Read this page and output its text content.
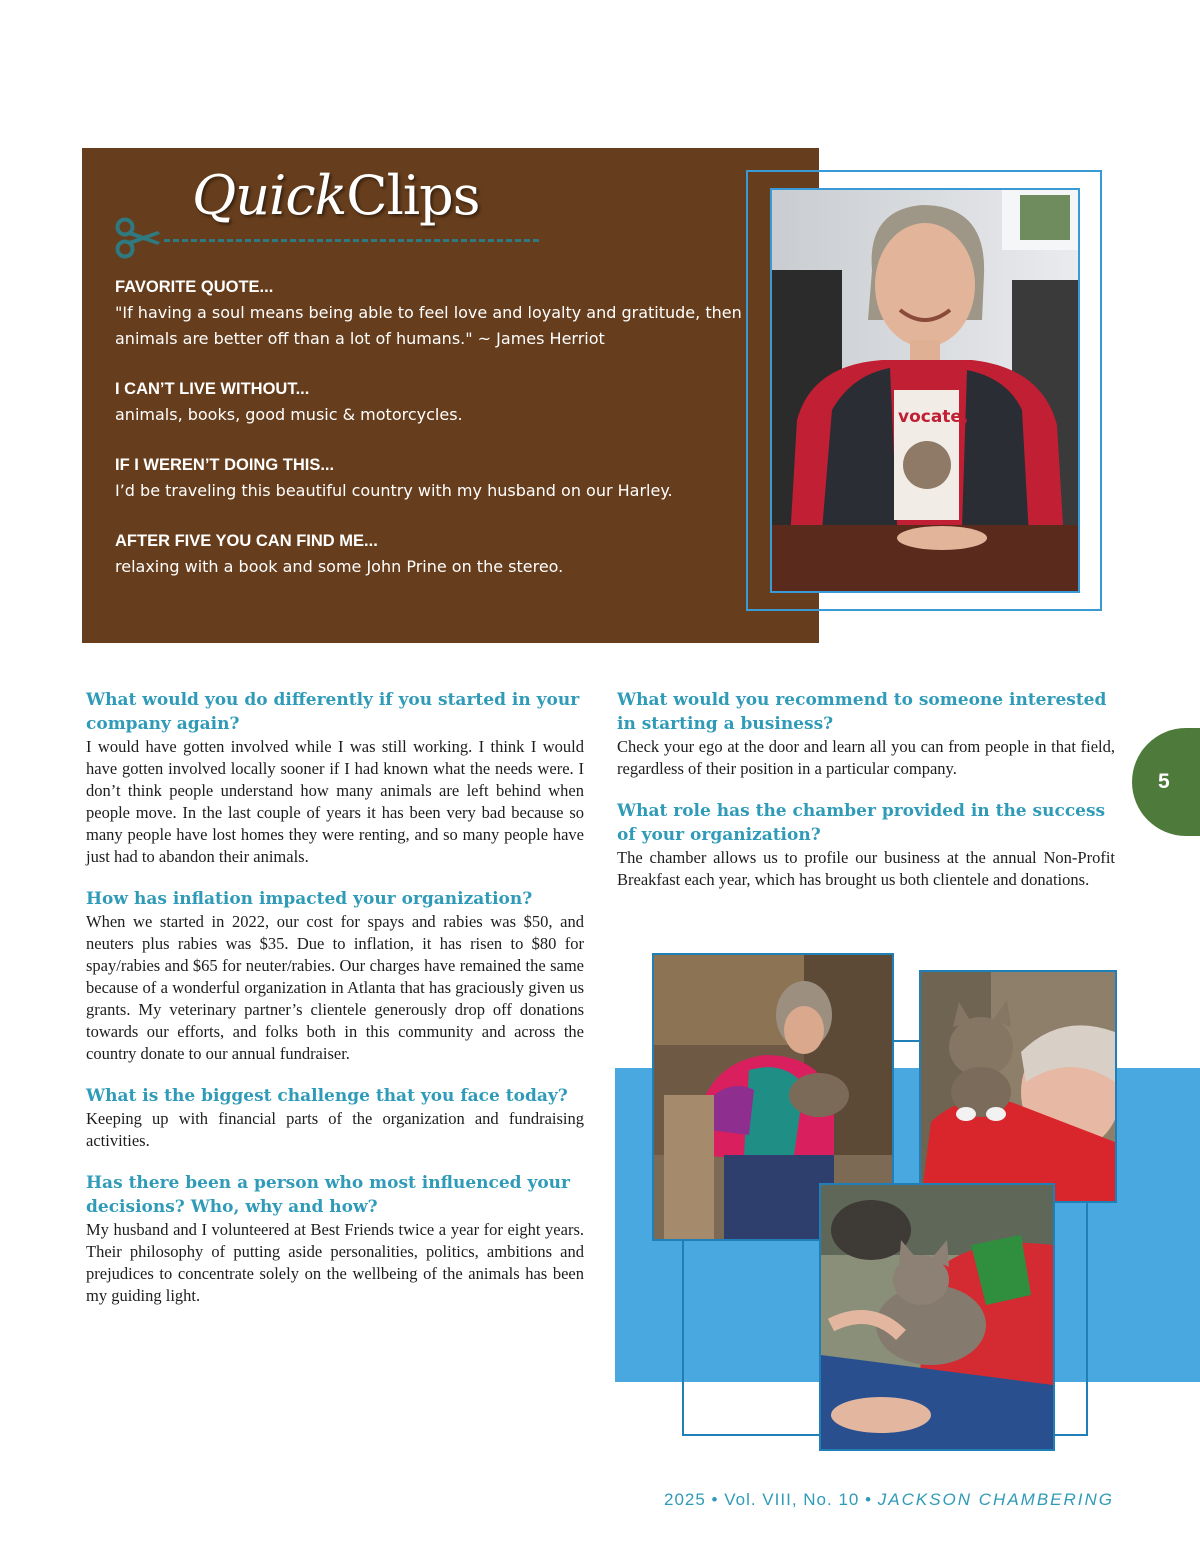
QuickClips
FAVORITE QUOTE...
"If having a soul means being able to feel love and loyalty and gratitude, then animals are better off than a lot of humans." ~ James Herriot
I CAN’T LIVE WITHOUT...
animals, books, good music & motorcycles.
IF I WEREN’T DOING THIS...
I’d be traveling this beautiful country with my husband on our Harley.
AFTER FIVE YOU CAN FIND ME...
relaxing with a book and some John Prine on the stereo.
vocate,
What would you do differently if you started in your company again?

I would have gotten involved while I was still working. I think I would have gotten involved locally sooner if I had known what the needs were. I don’t think people understand how many animals are left behind when people move. In the last couple of years it has been very bad because so many people have lost homes they were renting, and so many people have just had to abandon their animals.

How has inflation impacted your organization?

When we started in 2022, our cost for spays and rabies was $50, and neuters plus rabies was $35. Due to inflation, it has risen to $80 for spay/rabies and $65 for neuter/rabies. Our charges have remained the same because of a wonderful organization in Atlanta that has graciously given us grants. My veterinary partner’s clientele generously drop off donations towards our efforts, and folks both in this community and across the country donate to our annual fundraiser.

What is the biggest challenge that you face today?

Keeping up with financial parts of the organization and fundraising activities.

Has there been a person who most influenced your decisions? Who, why and how?

My husband and I volunteered at Best Friends twice a year for eight years. Their philosophy of putting aside personalities, politics, ambitions and prejudices to concentrate solely on the wellbeing of the animals has been my guiding light.

What would you recommend to someone interested in starting a business?

Check your ego at the door and learn all you can from people in that field, regardless of their position in a particular company.

What role has the chamber provided in the success of your organization?

The chamber allows us to profile our business at the annual Non-Profit Breakfast each year, which has brought us both clientele and donations.

5
2025 • Vol. VIII, No. 10 • JACKSON CHAMBERING
